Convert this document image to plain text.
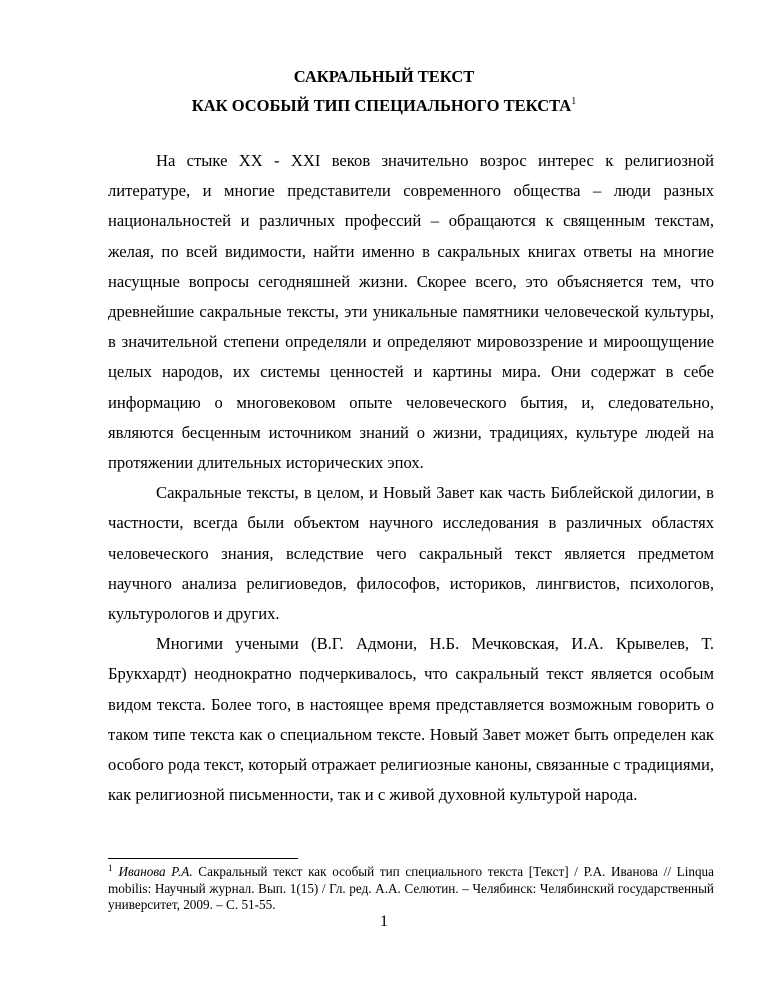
САКРАЛЬНЫЙ ТЕКСТ
КАК ОСОБЫЙ ТИП СПЕЦИАЛЬНОГО ТЕКСТА$^1$

На стыке XX - XXI веков значительно возрос интерес к религиозной литературе, и многие представители современного общества – люди разных национальностей и различных профессий – обращаются к священным текстам, желая, по всей видимости, найти именно в сакральных книгах ответы на многие насущные вопросы сегодняшней жизни. Скорее всего, это объясняется тем, что древнейшие сакральные тексты, эти уникальные памятники человеческой культуры, в значительной степени определяли и определяют мировоззрение и мироощущение целых народов, их системы ценностей и картины мира. Они содержат в себе информацию о многовековом опыте человеческого бытия, и, следовательно, являются бесценным источником знаний о жизни, традициях, культуре людей на протяжении длительных исторических эпох.

Сакральные тексты, в целом, и Новый Завет как часть Библейской дилогии, в частности, всегда были объектом научного исследования в различных областях человеческого знания, вследствие чего сакральный текст является предметом научного анализа религиоведов, философов, историков, лингвистов, психологов, культурологов и других.

Многими учеными (В.Г. Адмони, Н.Б. Мечковская, И.А. Крывелев, Т. Брукхардт) неоднократно подчеркивалось, что сакральный текст является особым видом текста. Более того, в настоящее время представляется возможным говорить о таком типе текста как о специальном тексте. Новый Завет может быть определен как особого рода текст, который отражает религиозные каноны, связанные с традициями, как религиозной письменности, так и с живой духовной культурой народа.

$^1$ Иванова Р.А. Сакральный текст как особый тип специального текста [Текст] / Р.А. Иванова // Linqua mobilis: Научный журнал. Вып. 1(15) / Гл. ред. А.А. Селютин. – Челябинск: Челябинский государственный университет, 2009. – С. 51-55.
1
